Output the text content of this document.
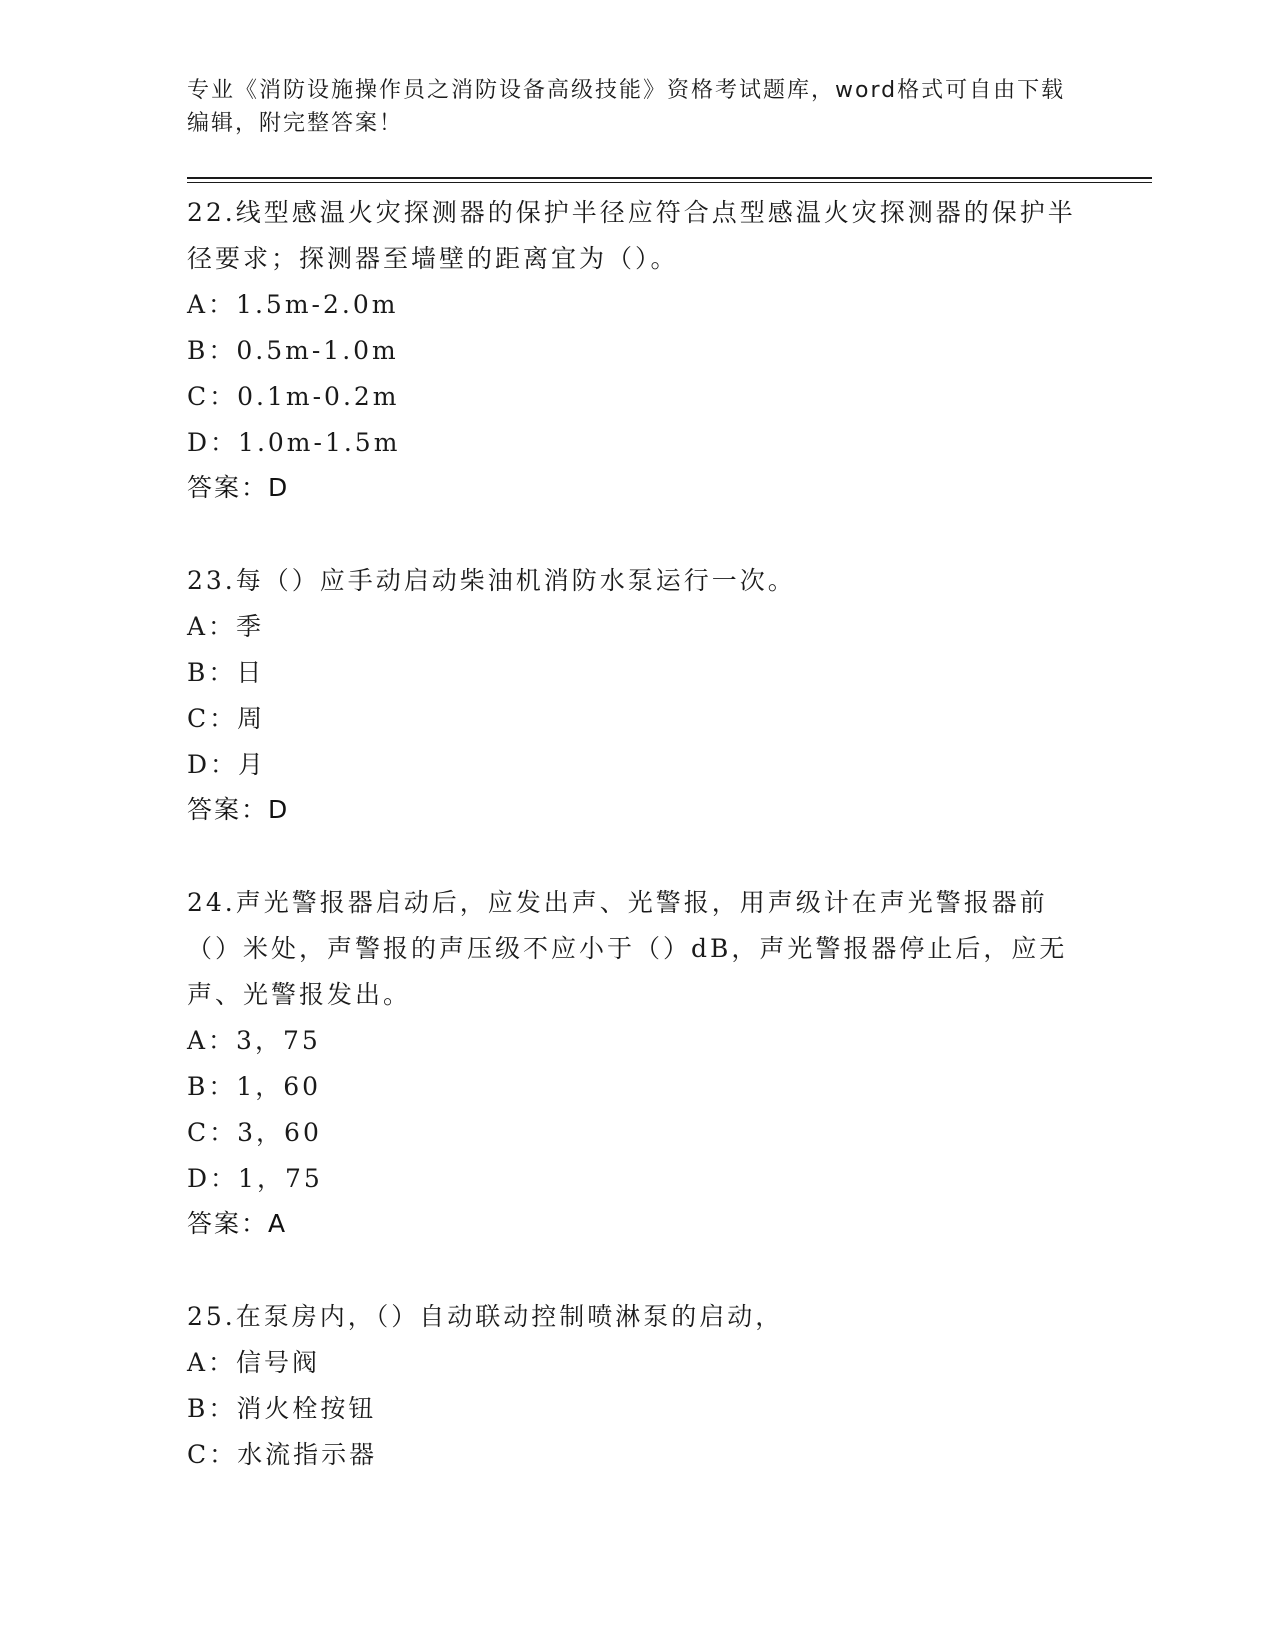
专业《消防设施操作员之消防设备高级技能》资格考试题库，word格式可自由下载编辑，附完整答案！
22.线型感温火灾探测器的保护半径应符合点型感温火灾探测器的保护半径要求；探测器至墙壁的距离宜为（）。
A：1.5m-2.0m
B：0.5m-1.0m
C：0.1m-0.2m
D：1.0m-1.5m
答案：D
23.每（）应手动启动柴油机消防水泵运行一次。
A：季
B：日
C：周
D：月
答案：D
24.声光警报器启动后，应发出声、光警报，用声级计在声光警报器前（）米处，声警报的声压级不应小于（）dB，声光警报器停止后，应无声、光警报发出。
A：3，75
B：1，60
C：3，60
D：1，75
答案：A
25.在泵房内，（）自动联动控制喷淋泵的启动，
A：信号阀
B：消火栓按钮
C：水流指示器
